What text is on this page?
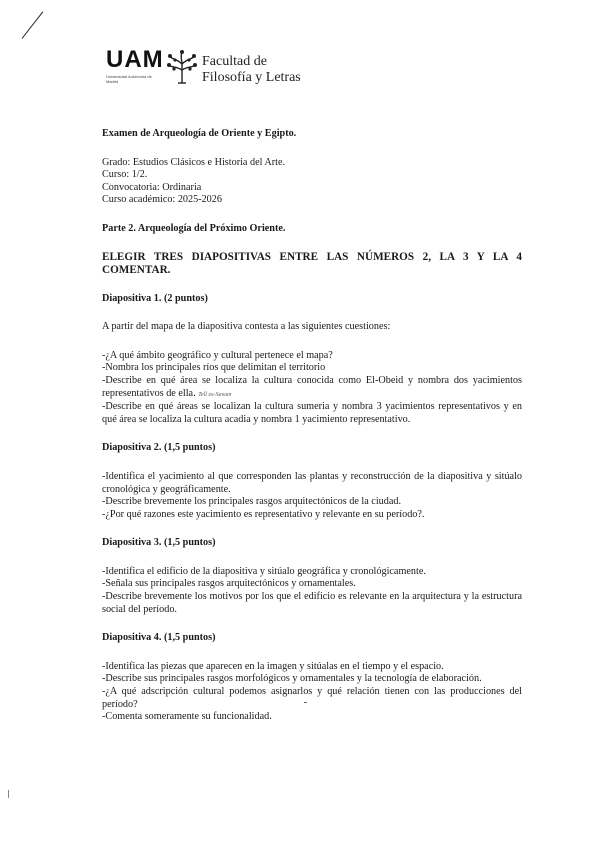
UAM
Universidad Autónoma de Madrid
Facultad de
Filosofía y Letras

Examen de Arqueología de Oriente y Egipto.

Grado: Estudios Clásicos e Historia del Arte.

Curso: 1/2.

Convocatoria: Ordinaria

Curso académico: 2025-2026

Parte 2. Arqueología del Próximo Oriente.

ELEGIR TRES DIAPOSITIVAS ENTRE LAS NÚMEROS 2, LA 3 Y LA 4 COMENTAR.

Diapositiva 1. (2 puntos)

A partir del mapa de la diapositiva contesta a las siguientes cuestiones:

-¿A qué ámbito geográfico y cultural pertenece el mapa?

-Nombra los principales ríos que delimitan el territorio

-Describe en qué área se localiza la cultura conocida como El-Obeid y nombra dos yacimientos representativos de ella. Tell es-Sawan

-Describe en qué áreas se localizan la cultura sumeria y nombra 3 yacimientos representativos y en qué área se localiza la cultura acadia y nombra 1 yacimiento representativo.

Diapositiva 2. (1,5 puntos)

-Identifica el yacimiento al que corresponden las plantas y reconstrucción de la diapositiva y sitúalo cronológica y geográficamente.

-Describe brevemente los principales rasgos arquitectónicos de la ciudad.

-¿Por qué razones este yacimiento es representativo y relevante en su período?.

Diapositiva 3. (1,5 puntos)

-Identifica el edificio de la diapositiva y sitúalo geográfica y cronológicamente.

-Señala sus principales rasgos arquitectónicos y ornamentales.

-Describe brevemente los motivos por los que el edificio es relevante en la arquitectura y la estructura social del período.

Diapositiva 4. (1,5 puntos)

-Identifica las piezas que aparecen en la imagen y sitúalas en el tiempo y el espacio.

-Describe sus principales rasgos morfológicos y ornamentales y la tecnología de elaboración.

-¿A qué adscripción cultural podemos asignarlos y qué relación tienen con las producciones del período?

-Comenta someramente su funcionalidad.
